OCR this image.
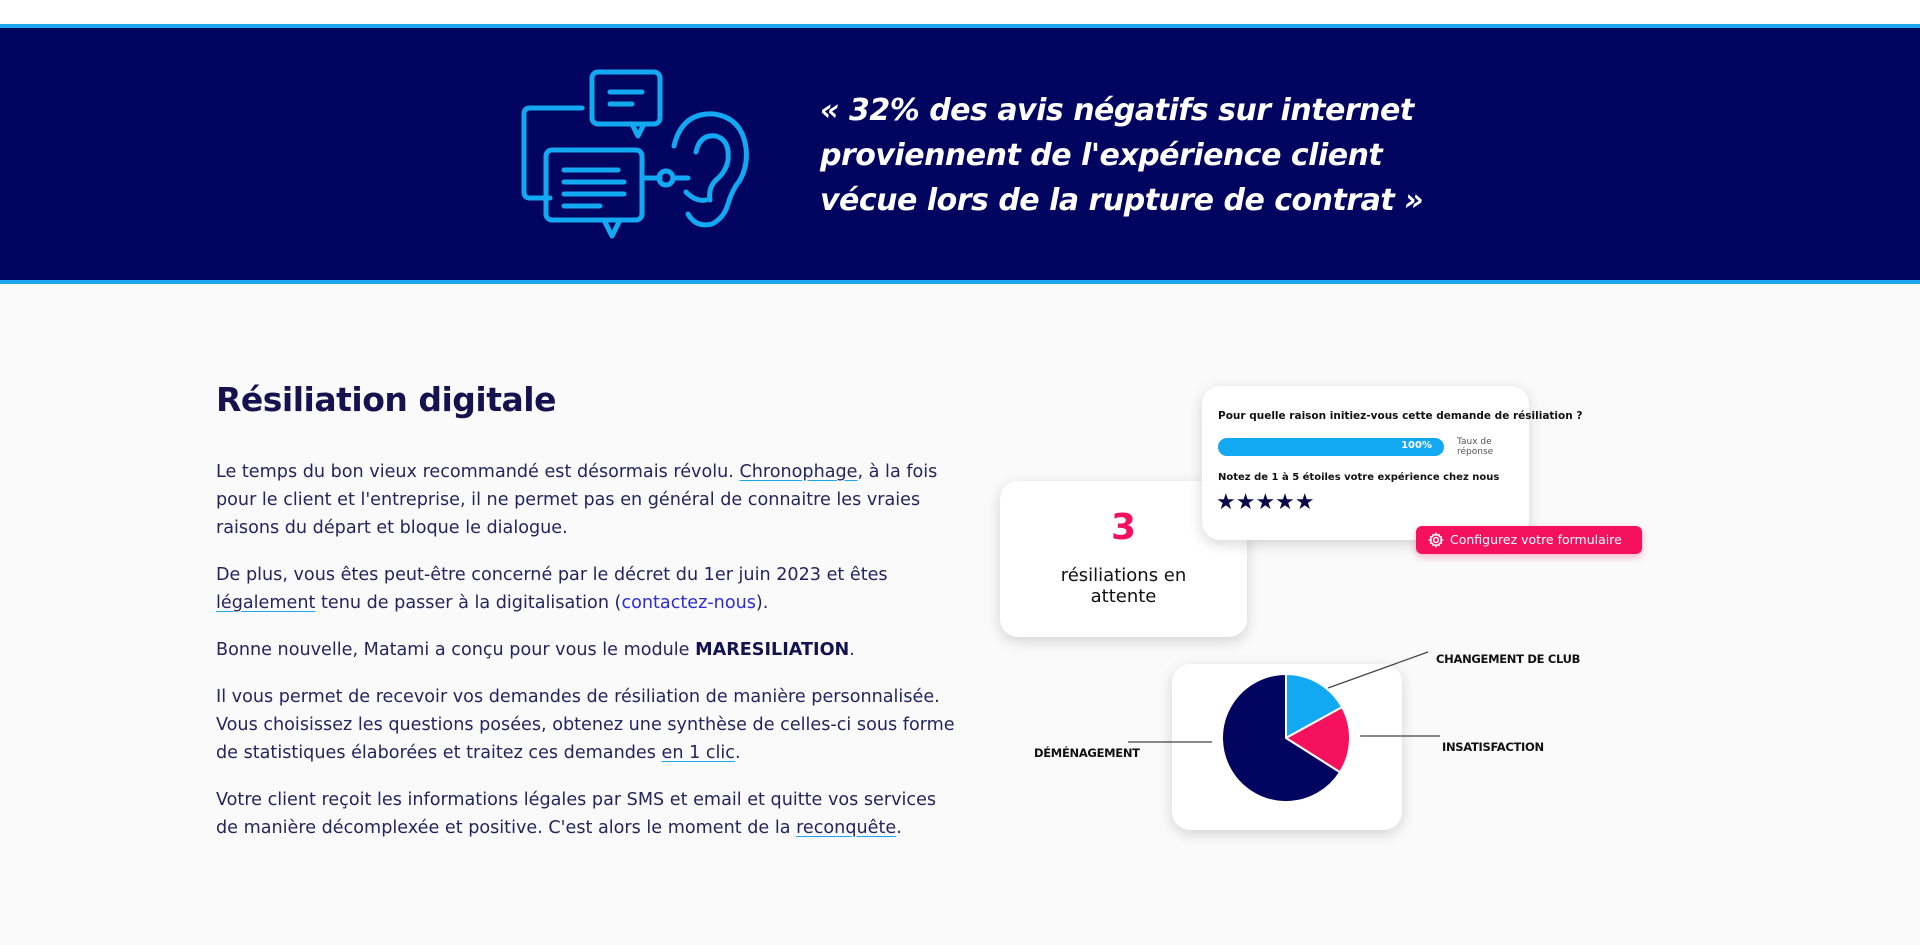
« 32% des avis négatifs sur internet
proviennent de l'expérience client
vécue lors de la rupture de contrat »
Résiliation digitale

Le temps du bon vieux recommandé est désormais révolu. Chronophage, à la fois pour le client et l'entreprise, il ne permet pas en général de connaitre les vraies raisons du départ et bloque le dialogue.

De plus, vous êtes peut-être concerné par le décret du 1er juin 2023 et êtes légalement tenu de passer à la digitalisation (contactez-nous).

Bonne nouvelle, Matami a conçu pour vous le module MARESILIATION.

Il vous permet de recevoir vos demandes de résiliation de manière personnalisée. Vous choisissez les questions posées, obtenez une synthèse de celles-ci sous forme de statistiques élaborées et traitez ces demandes en 1 clic.

Votre client reçoit les informations légales par SMS et email et quitte vos services de manière décomplexée et positive. C'est alors le moment de la reconquête.

3
résiliations en
attente
Pour quelle raison initiez-vous cette demande de résiliation ?
100%	Taux de
réponse
Notez de 1 à 5 étoiles votre expérience chez nous
★★★★★
Configurez votre formulaire
CHANGEMENT DE CLUB
INSATISFACTION
DÉMÉNAGEMENT
